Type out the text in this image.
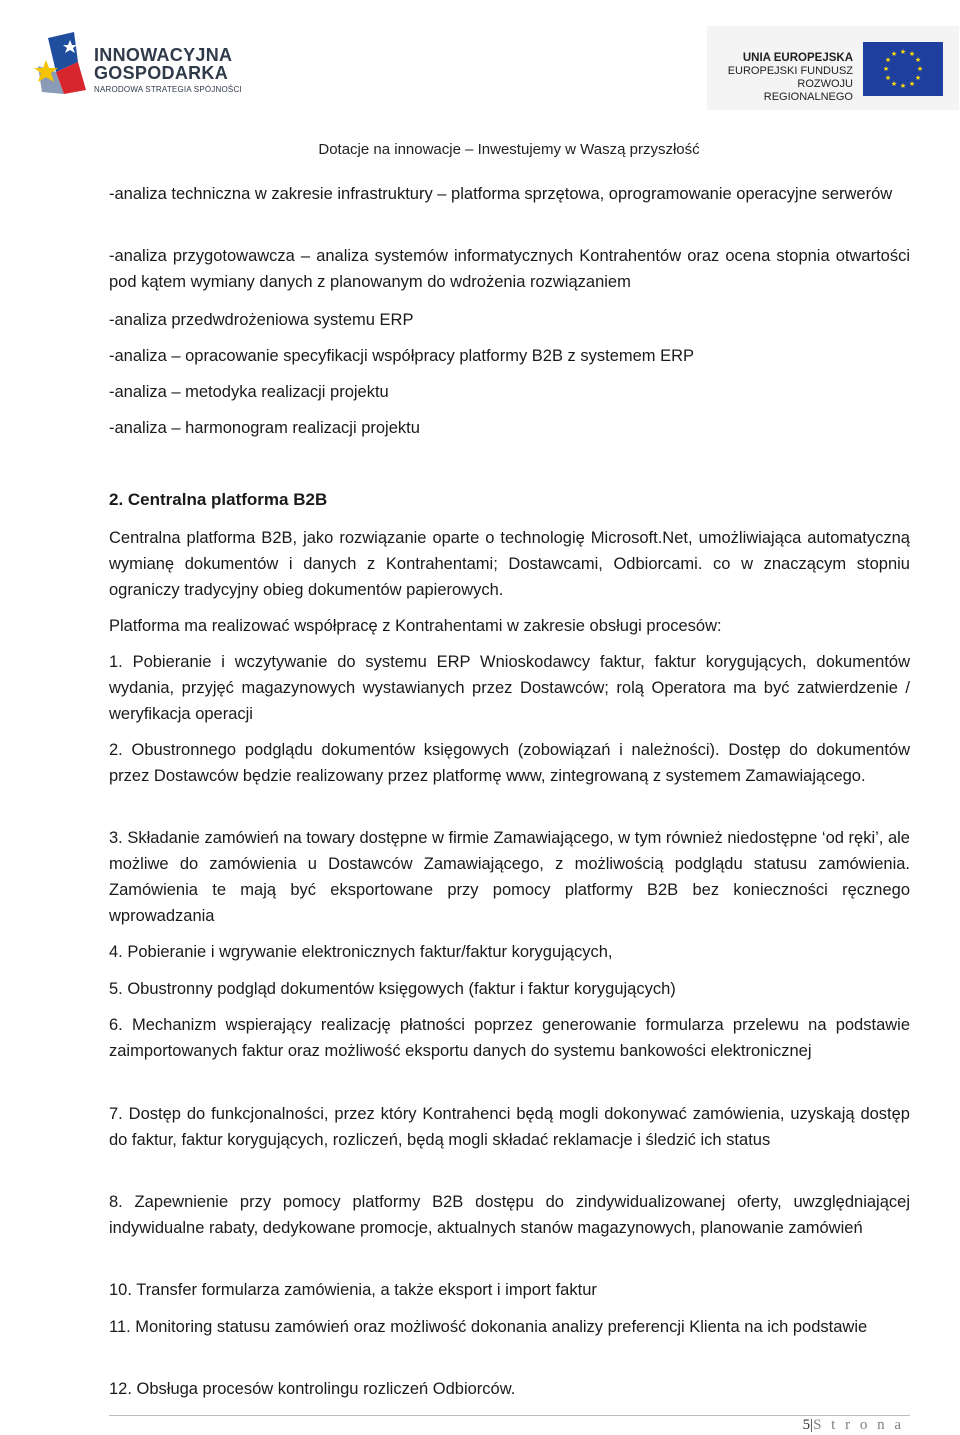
INNOWACYJNA
GOSPODARKA
NARODOWA STRATEGIA SPÓJNOŚCI
UNIA EUROPEJSKA
EUROPEJSKI FUNDUSZ
ROZWOJU REGIONALNEGO
★ ★
★
★
★
★
★
★
★
★
★
★
Dotacje na innowacje – Inwestujemy w Waszą przyszłość
-analiza techniczna w zakresie infrastruktury – platforma sprzętowa, oprogramowanie operacyjne serwerów
-analiza przygotowawcza – analiza systemów informatycznych Kontrahentów oraz ocena stopnia otwartości pod kątem wymiany danych z planowanym do wdrożenia rozwiązaniem
-analiza przedwdrożeniowa systemu ERP
-analiza – opracowanie specyfikacji współpracy platformy B2B z systemem ERP
-analiza – metodyka realizacji projektu
-analiza – harmonogram realizacji projektu
2. Centralna platforma B2B
Centralna platforma B2B, jako rozwiązanie oparte o technologię Microsoft.Net, umożliwiająca automatyczną wymianę dokumentów i danych z Kontrahentami; Dostawcami, Odbiorcami. co w znaczącym stopniu ograniczy tradycyjny obieg dokumentów papierowych.
Platforma ma realizować współpracę z Kontrahentami w zakresie obsługi procesów:
1. Pobieranie i wczytywanie do systemu ERP Wnioskodawcy faktur, faktur korygujących, dokumentów wydania, przyjęć magazynowych wystawianych przez Dostawców; rolą Operatora ma być zatwierdzenie / weryfikacja operacji
2. Obustronnego podglądu dokumentów księgowych (zobowiązań i należności). Dostęp do dokumentów przez Dostawców będzie realizowany przez platformę www, zintegrowaną z systemem Zamawiającego.
3. Składanie zamówień na towary dostępne w firmie Zamawiającego, w tym również niedostępne ‘od ręki’, ale możliwe do zamówienia u Dostawców Zamawiającego, z możliwością podglądu statusu zamówienia. Zamówienia te mają być eksportowane przy pomocy platformy B2B bez konieczności ręcznego wprowadzania
4. Pobieranie i wgrywanie elektronicznych faktur/faktur korygujących,
5. Obustronny podgląd dokumentów księgowych (faktur i faktur korygujących)
6. Mechanizm wspierający realizację płatności poprzez generowanie formularza przelewu na podstawie zaimportowanych faktur oraz możliwość eksportu danych do systemu bankowości elektronicznej
7. Dostęp do funkcjonalności, przez który Kontrahenci będą mogli dokonywać zamówienia, uzyskają dostęp do faktur, faktur korygujących, rozliczeń, będą mogli składać reklamacje i śledzić ich status
8. Zapewnienie przy pomocy platformy B2B dostępu do zindywidualizowanej oferty, uwzględniającej indywidualne rabaty, dedykowane promocje, aktualnych stanów magazynowych, planowanie zamówień
10. Transfer formularza zamówienia, a także eksport i import faktur
11. Monitoring statusu zamówień oraz możliwość dokonania analizy preferencji Klienta na ich podstawie
12. Obsługa procesów kontrolingu rozliczeń Odbiorców.
5|S t r o n a
